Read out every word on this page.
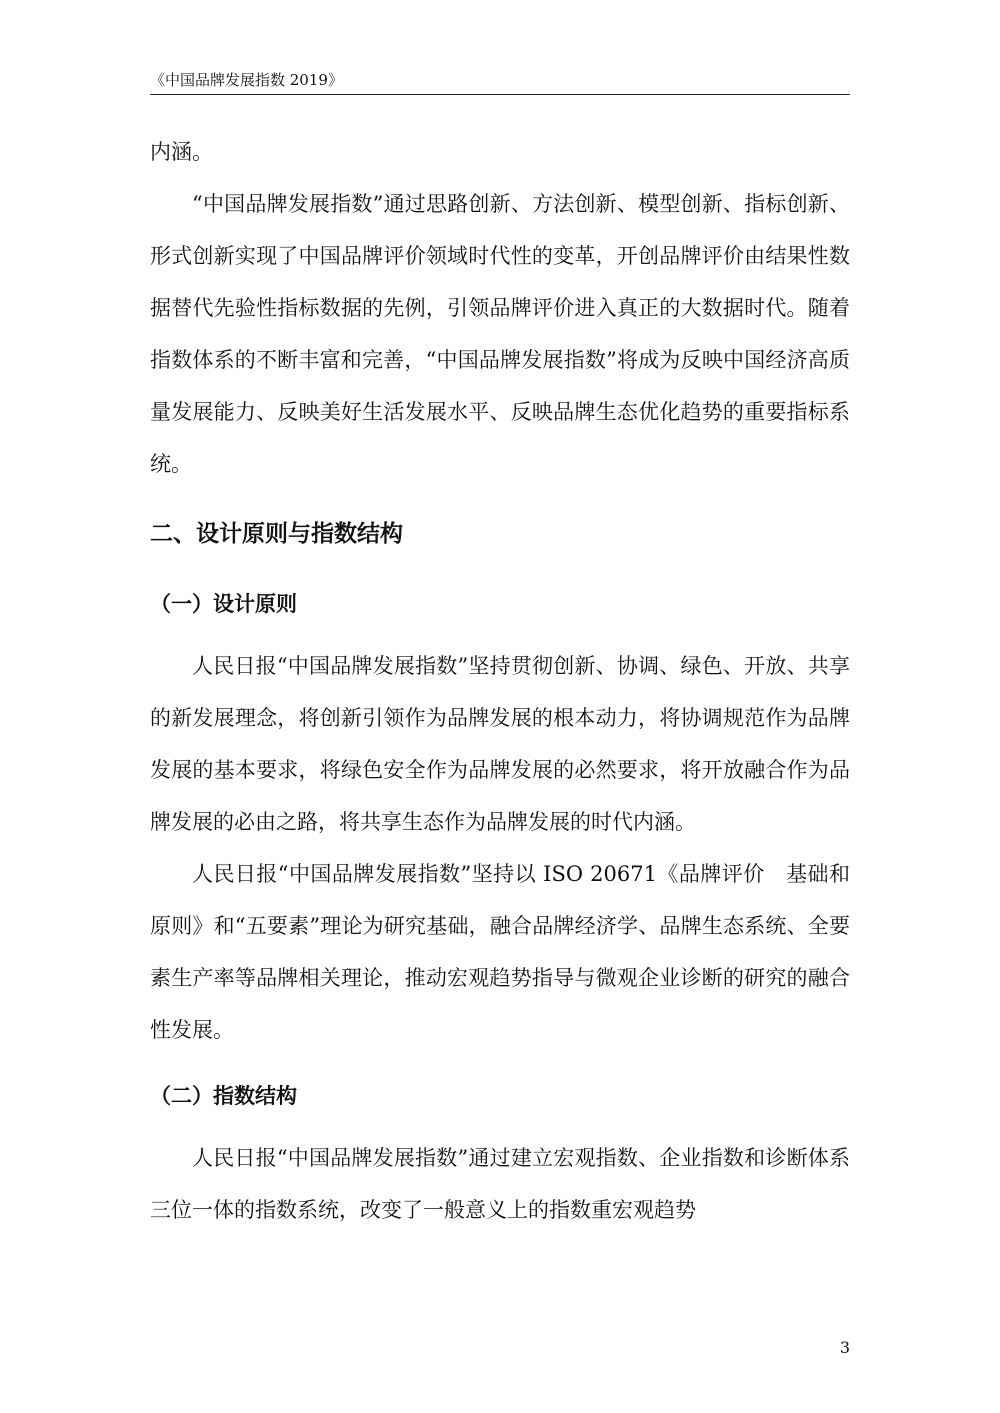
《中国品牌发展指数 2019》

内涵。

“中国品牌发展指数”通过思路创新、方法创新、模型创新、指标创新、形式创新实现了中国品牌评价领域时代性的变革，开创品牌评价由结果性数据替代先验性指标数据的先例，引领品牌评价进入真正的大数据时代。随着指数体系的不断丰富和完善，“中国品牌发展指数”将成为反映中国经济高质量发展能力、反映美好生活发展水平、反映品牌生态优化趋势的重要指标系统。

二、设计原则与指数结构
（一）设计原则

人民日报“中国品牌发展指数”坚持贯彻创新、协调、绿色、开放、共享的新发展理念，将创新引领作为品牌发展的根本动力，将协调规范作为品牌发展的基本要求，将绿色安全作为品牌发展的必然要求，将开放融合作为品牌发展的必由之路，将共享生态作为品牌发展的时代内涵。

人民日报“中国品牌发展指数”坚持以 ISO 20671《品牌评价　基础和原则》和“五要素”理论为研究基础，融合品牌经济学、品牌生态系统、全要素生产率等品牌相关理论，推动宏观趋势指导与微观企业诊断的研究的融合性发展。

（二）指数结构

人民日报“中国品牌发展指数”通过建立宏观指数、企业指数和诊断体系三位一体的指数系统，改变了一般意义上的指数重宏观趋势

3
